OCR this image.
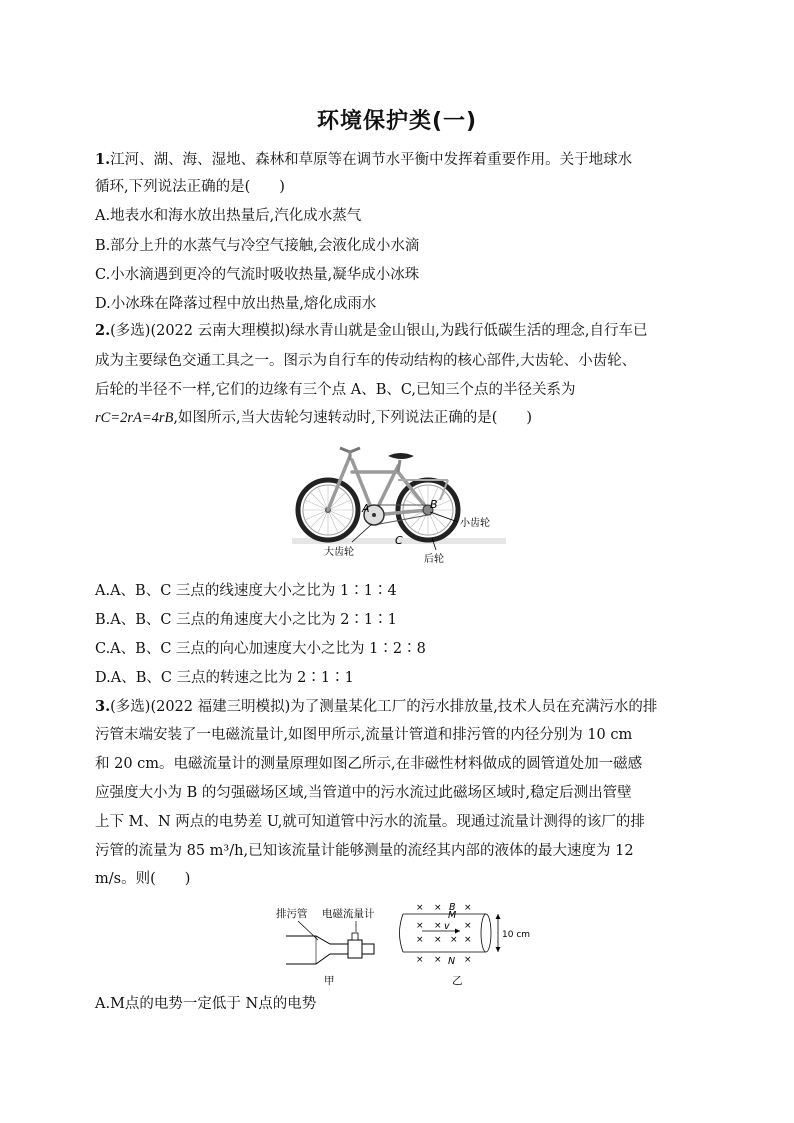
环境保护类(一)
1.江河、湖、海、湿地、森林和草原等在调节水平衡中发挥着重要作用。关于地球水
循环,下列说法正确的是(　　)
A.地表水和海水放出热量后,汽化成水蒸气
B.部分上升的水蒸气与冷空气接触,会液化成小水滴
C.小水滴遇到更冷的气流时吸收热量,凝华成小冰珠
D.小冰珠在降落过程中放出热量,熔化成雨水
2.(多选)(2022 云南大理模拟)绿水青山就是金山银山,为践行低碳生活的理念,自行车已
成为主要绿色交通工具之一。图示为自行车的传动结构的核心部件,大齿轮、小齿轮、
后轮的半径不一样,它们的边缘有三个点 A、B、C,已知三个点的半径关系为
rC=2rA=4rB,如图所示,当大齿轮匀速转动时,下列说法正确的是(　　)
A	B
C
小齿轮
大齿轮
后轮
A.A、B、C 三点的线速度大小之比为 1∶1∶4
B.A、B、C 三点的角速度大小之比为 2∶1∶1
C.A、B、C 三点的向心加速度大小之比为 1∶2∶8
D.A、B、C 三点的转速之比为 2∶1∶1
3.(多选)(2022 福建三明模拟)为了测量某化工厂的污水排放量,技术人员在充满污水的排
污管末端安装了一电磁流量计,如图甲所示,流量计管道和排污管的内径分别为 10 cm
和 20 cm。电磁流量计的测量原理如图乙所示,在非磁性材料做成的圆管道处加一磁感
应强度大小为 B 的匀强磁场区域,当管道中的污水流过此磁场区域时,稳定后测出管壁
上下 M、N 两点的电势差 U,就可知道管中污水的流量。现通过流量计测得的该厂的排
污管的流量为 85 m³/h,已知该流量计能够测量的流经其内部的液体的最大速度为 12
m/s。则(　　)
排污管 电磁流量计
甲
× × ×
× × ×
× × × ×
× × ×
v
B
M
N
10 cm
乙
A.M点的电势一定低于 N点的电势
